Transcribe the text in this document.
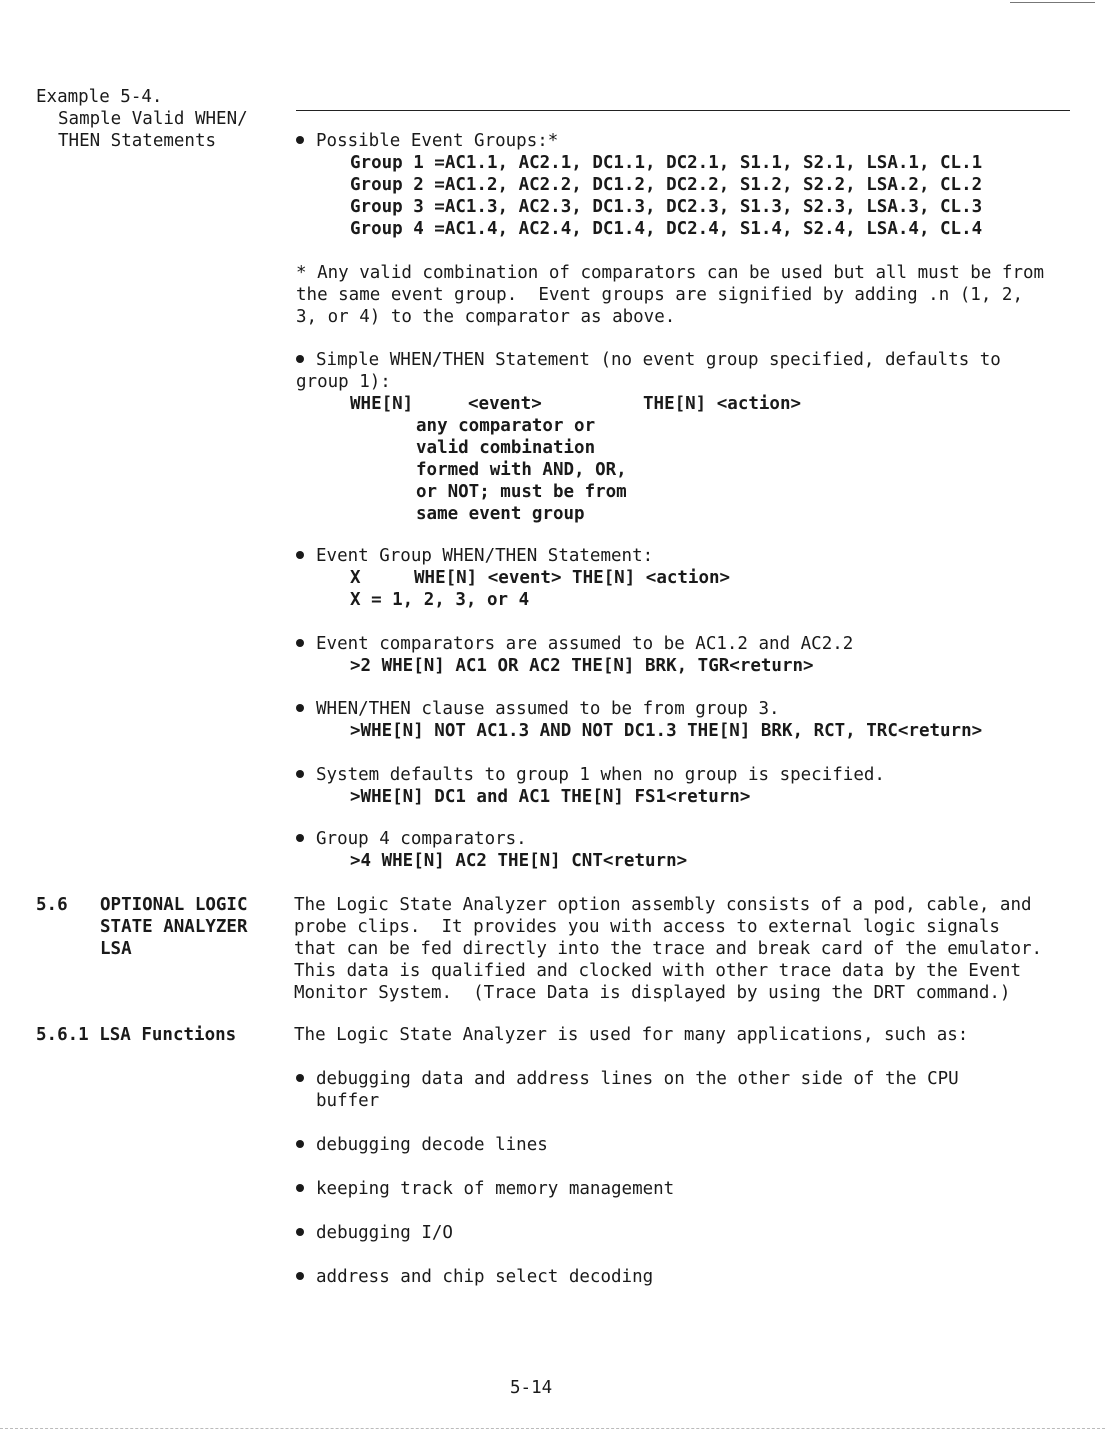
Example 5-4.
Sample Valid WHEN/
THEN Statements	Possible Event Groups:*
Group 1 =AC1.1, AC2.1, DC1.1, DC2.1, S1.1, S2.1, LSA.1, CL.1
Group 2 =AC1.2, AC2.2, DC1.2, DC2.2, S1.2, S2.2, LSA.2, CL.2
Group 3 =AC1.3, AC2.3, DC1.3, DC2.3, S1.3, S2.3, LSA.3, CL.3
Group 4 =AC1.4, AC2.4, DC1.4, DC2.4, S1.4, S2.4, LSA.4, CL.4
* Any valid combination of comparators can be used but all must be from
the same event group.  Event groups are signified by adding .n (1, 2,
3, or 4) to the comparator as above.
Simple WHEN/THEN Statement (no event group specified, defaults to
group 1):
WHE[N]	<event>	THE[N] <action>
any comparator or
valid combination
formed with AND, OR,
or NOT; must be from
same event group
Event Group WHEN/THEN Statement:
X	WHE[N] <event> THE[N] <action>
X = 1, 2, 3, or 4
Event comparators are assumed to be AC1.2 and AC2.2
>2 WHE[N] AC1 OR AC2 THE[N] BRK, TGR<return>
WHEN/THEN clause assumed to be from group 3.
>WHE[N] NOT AC1.3 AND NOT DC1.3 THE[N] BRK, RCT, TRC<return>
System defaults to group 1 when no group is specified.
>WHE[N] DC1 and AC1 THE[N] FS1<return>
Group 4 comparators.
>4 WHE[N] AC2 THE[N] CNT<return>
5.6 OPTIONAL LOGIC
STATE ANALYZER
LSA
The Logic State Analyzer option assembly consists of a pod, cable, and
probe clips.  It provides you with access to external logic signals
that can be fed directly into the trace and break card of the emulator.
This data is qualified and clocked with other trace data by the Event
Monitor System.  (Trace Data is displayed by using the DRT command.)
5.6.1 LSA Functions	The Logic State Analyzer is used for many applications, such as:
debugging data and address lines on the other side of the CPU
buffer
debugging decode lines
keeping track of memory management
debugging I/O
address and chip select decoding
5-14
